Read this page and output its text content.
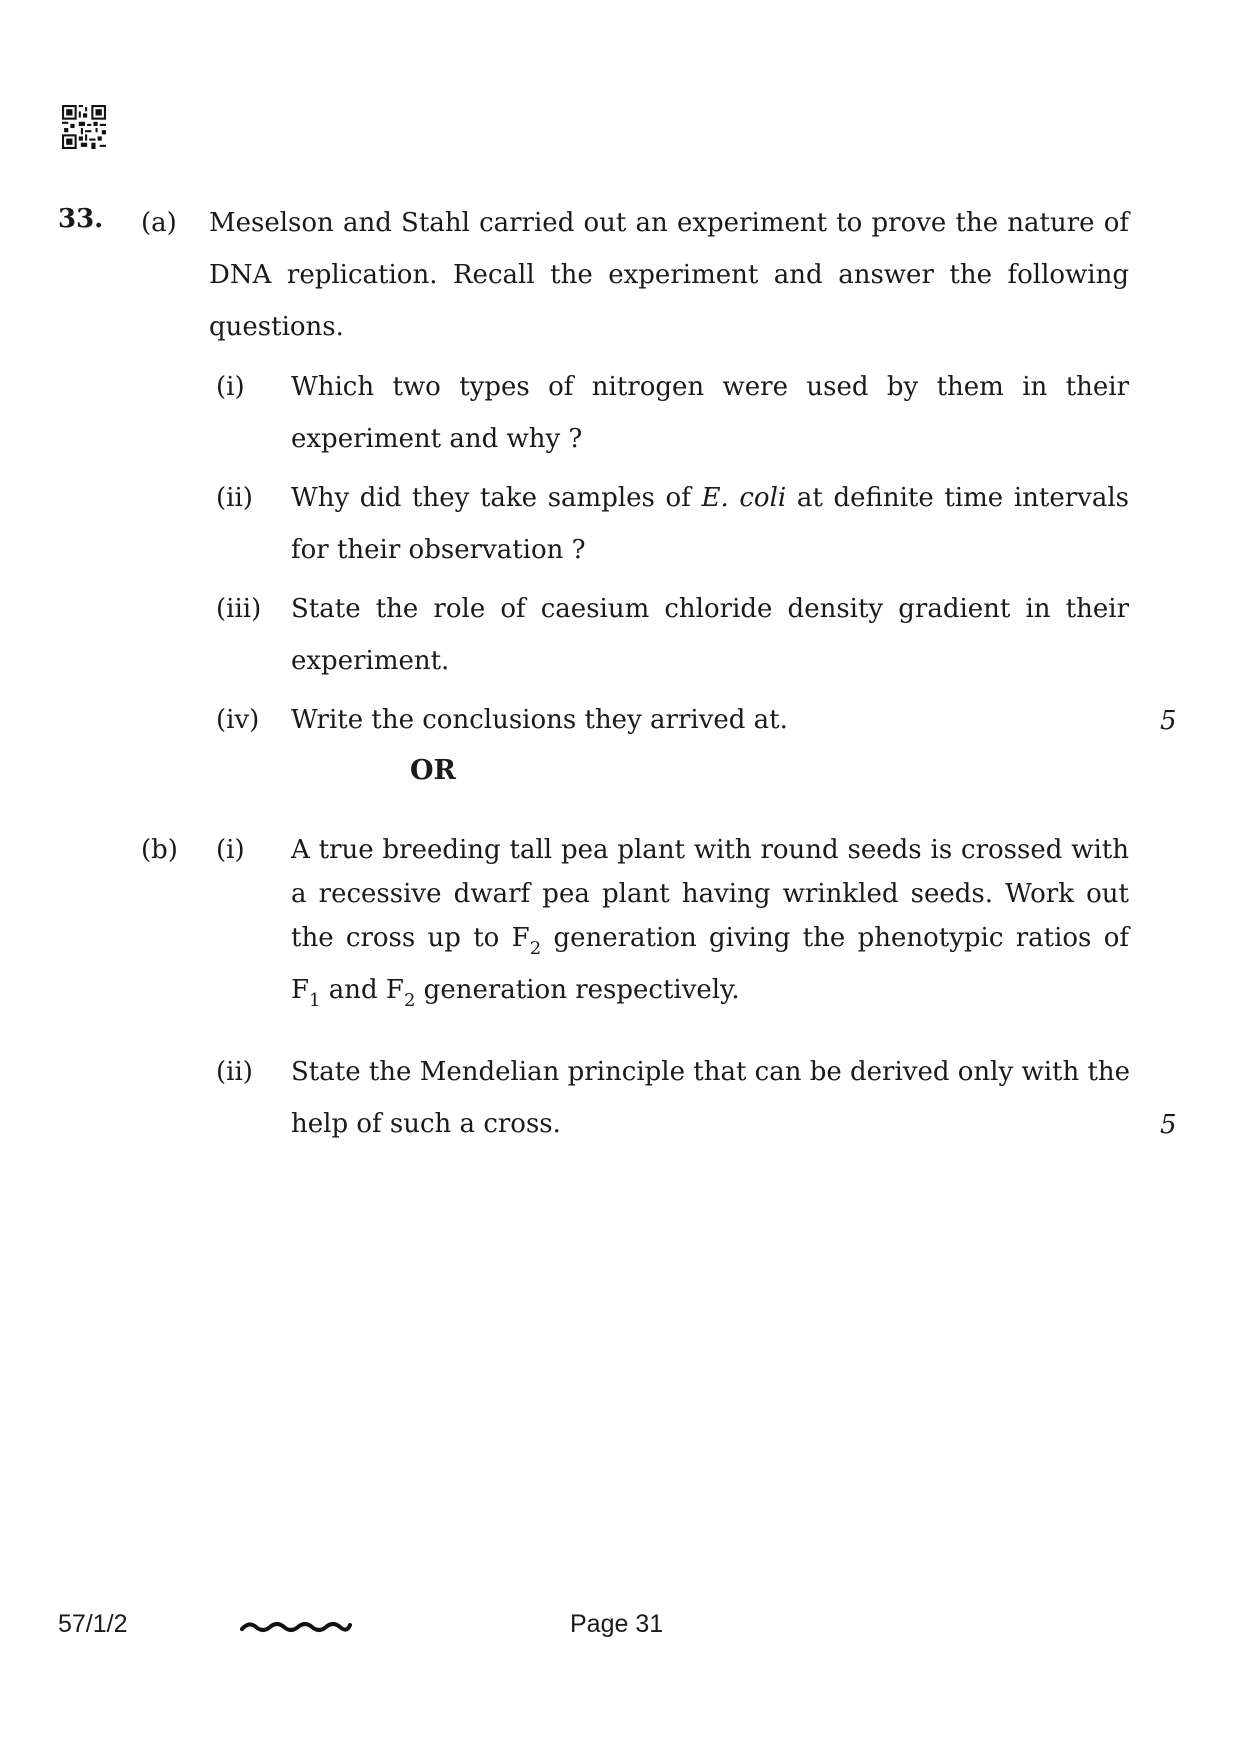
33. (a) Meselson and Stahl carried out an experiment to prove the nature of
DNA replication. Recall the experiment and answer the following
questions.
(i) Which two types of nitrogen were used by them in their
experiment and why ?
(ii) Why did they take samples of E. coli at definite time intervals
for their observation ?
(iii) State the role of caesium chloride density gradient in their
experiment.
(iv) Write the conclusions they arrived at.	5
OR
(b) (i) A true breeding tall pea plant with round seeds is crossed with
a recessive dwarf pea plant having wrinkled seeds. Work out
the cross up to $F_2$ generation giving the phenotypic ratios of
$F_1$ and $F_2$ generation respectively.
(ii) State the Mendelian principle that can be derived only with the
help of such a cross.	5
57/1/2	Page 31
